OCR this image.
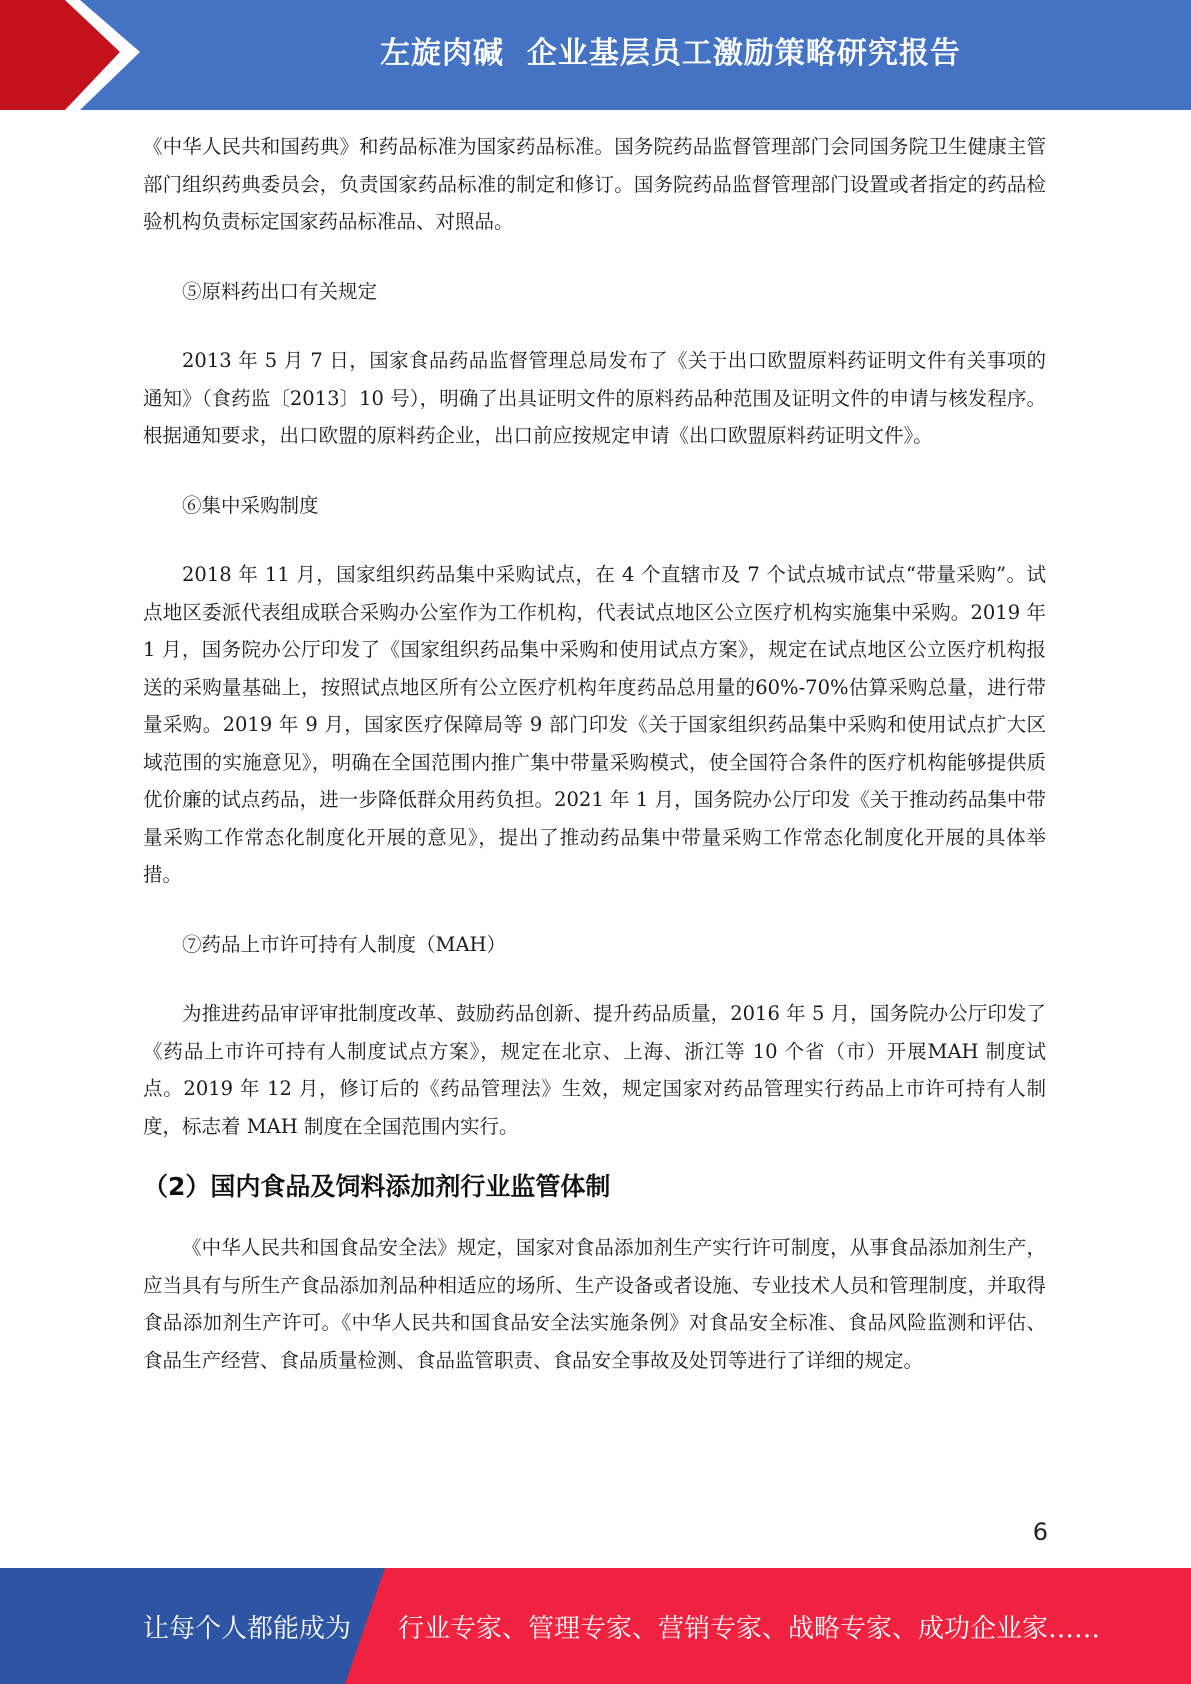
左旋肉碱  企业基层员工激励策略研究报告

《中华人民共和国药典》和药品标准为国家药品标准。国务院药品监督管理部门会同国务院卫生健康主管部门组织药典委员会，负责国家药品标准的制定和修订。国务院药品监督管理部门设置或者指定的药品检验机构负责标定国家药品标准品、对照品。

⑤原料药出口有关规定

2013 年 5 月 7 日，国家食品药品监督管理总局发布了《关于出口欧盟原料药证明文件有关事项的通知》（食药监〔2013〕10 号），明确了出具证明文件的原料药品种范围及证明文件的申请与核发程序。根据通知要求，出口欧盟的原料药企业，出口前应按规定申请《出口欧盟原料药证明文件》。

⑥集中采购制度

2018 年 11 月，国家组织药品集中采购试点，在 4 个直辖市及 7 个试点城市试点“带量采购”。试点地区委派代表组成联合采购办公室作为工作机构，代表试点地区公立医疗机构实施集中采购。2019 年 1 月，国务院办公厅印发了《国家组织药品集中采购和使用试点方案》，规定在试点地区公立医疗机构报送的采购量基础上，按照试点地区所有公立医疗机构年度药品总用量的60%-70%估算采购总量，进行带量采购。2019 年 9 月，国家医疗保障局等 9 部门印发《关于国家组织药品集中采购和使用试点扩大区域范围的实施意见》，明确在全国范围内推广集中带量采购模式，使全国符合条件的医疗机构能够提供质优价廉的试点药品，进一步降低群众用药负担。2021 年 1 月，国务院办公厅印发《关于推动药品集中带量采购工作常态化制度化开展的意见》，提出了推动药品集中带量采购工作常态化制度化开展的具体举措。

⑦药品上市许可持有人制度（MAH）

为推进药品审评审批制度改革、鼓励药品创新、提升药品质量，2016 年 5 月，国务院办公厅印发了《药品上市许可持有人制度试点方案》，规定在北京、上海、浙江等 10 个省（市）开展MAH 制度试点。2019 年 12 月，修订后的《药品管理法》生效，规定国家对药品管理实行药品上市许可持有人制度，标志着 MAH 制度在全国范围内实行。

（2）国内食品及饲料添加剂行业监管体制

《中华人民共和国食品安全法》规定，国家对食品添加剂生产实行许可制度，从事食品添加剂生产，应当具有与所生产食品添加剂品种相适应的场所、生产设备或者设施、专业技术人员和管理制度，并取得食品添加剂生产许可。《中华人民共和国食品安全法实施条例》对食品安全标准、食品风险监测和评估、食品生产经营、食品质量检测、食品监管职责、食品安全事故及处罚等进行了详细的规定。

6
让每个人都能成为 行业专家、管理专家、营销专家、战略专家、成功企业家……
